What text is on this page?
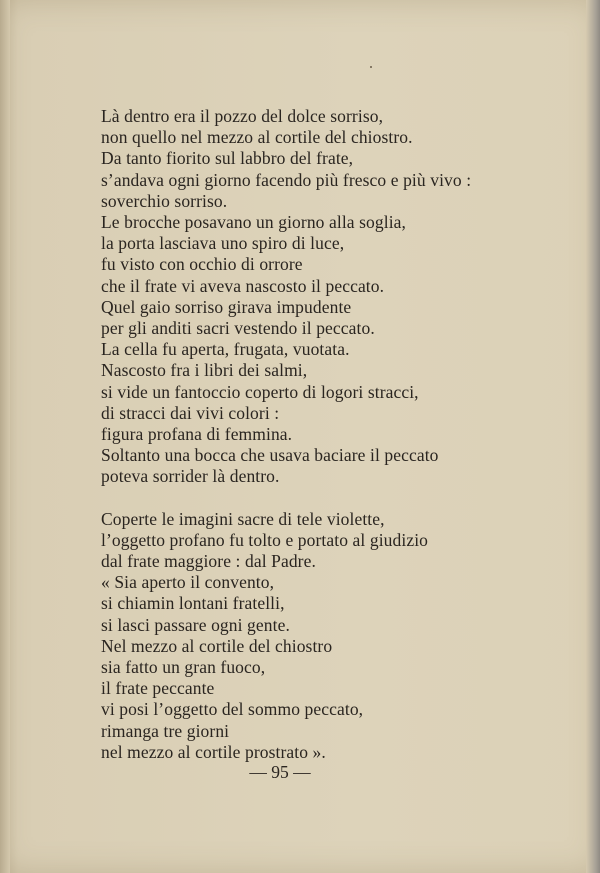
Là dentro era il pozzo del dolce sorriso,
non quello nel mezzo al cortile del chiostro.
Da tanto fiorito sul labbro del frate,
s’andava ogni giorno facendo più fresco e più vivo :
soverchio sorriso.
Le brocche posavano un giorno alla soglia,
la porta lasciava uno spiro di luce,
fu visto con occhio di orrore
che il frate vi aveva nascosto il peccato.
Quel gaio sorriso girava impudente
per gli anditi sacri vestendo il peccato.
La cella fu aperta, frugata, vuotata.
Nascosto fra i libri dei salmi,
si vide un fantoccio coperto di logori stracci,
di stracci dai vivi colori :
figura profana di femmina.
Soltanto una bocca che usava baciare il peccato
poteva sorrider là dentro.
Coperte le imagini sacre di tele violette,
l’oggetto profano fu tolto e portato al giudizio
dal frate maggiore : dal Padre.
« Sia aperto il convento,
si chiamin lontani fratelli,
si lasci passare ogni gente.
Nel mezzo al cortile del chiostro
sia fatto un gran fuoco,
il frate peccante
vi posi l’oggetto del sommo peccato,
rimanga tre giorni
nel mezzo al cortile prostrato ».
— 95 —
